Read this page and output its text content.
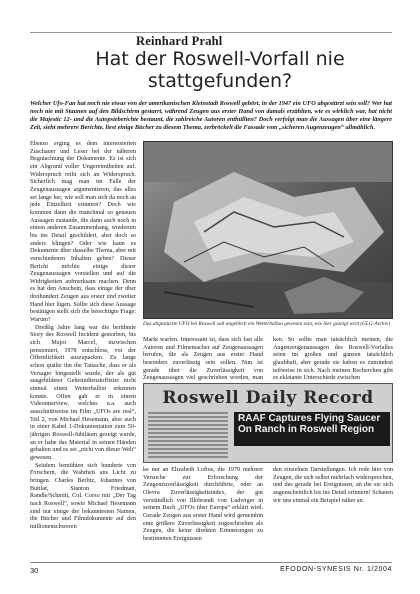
Reinhard Prahl
Hat der Roswell-Vorfall nie stattgefunden?

Welcher Ufo-Fan hat noch nie etwas von der amerikanischen Kleinstadt Roswell gehört, in der 1947 ein UFO abgestürzt sein soll? Wer hat noch nie mit Staunen auf den Bildschirm gestarrt, während Zeugen aus erster Hand von damals erzählten, wie es wirklich war, hat nicht die Majestic 12- und die Autopsieberichte bestaunt, die zahlreiche Autoren enthüllten? Doch verfolgt man die Aussagen über eine längere Zeit, sieht mehrere Berichte, liest einige Bücher zu diesem Thema, zerbröckelt die Fassade vom „sicheren Augenzeugen“ allmählich.

Ebenso erging es dem interessierten Zuschauer und Leser bei der näheren Begutachtung der Dokumente. Es ist sich ein Abgrund voller Ungereimtheiten auf. Widerspruch reiht sich an Widerspruch. Sicherlich mag man im Falle der Zeugenaussagen argumentieren, das alles sei lange her, wie soll man sich da noch an jede Einzelheit erinnern? Doch wie kommen dann die manchmal so genauen Aussagen zustande, die dann auch noch in einem anderen Zusammenhang, wiederum bis ins Detail geschildert, aber doch so anders klingen? Oder wie kann es Dokumente über dasselbe Thema, aber mit verschiedenen Inhalten geben? Dieser Bericht möchte einige dieser Zeugenaussagen vorstellen und auf die Widrigkeiten aufmerksam machen. Denn es hat den Anschein, dass einige der über dreihundert Zeugen aus erster und zweiter Hand hier lügen. Sollte sich diese Aussage bestätigen stellt sich die berechtigte Frage: Warum?

Dreißig Jahre lang war die berühmte Story des Roswell Incident gestorben, bis sich Major Marcel, inzwischen pensioniert, 1978 entschloss, vor der Öffentlichkeit auszupacken. Zu lange schon quälte ihn die Tatsache, dass er als Versager hingestellt wurde, der als gut ausgebildeter Geheimdienstoffizier nicht einmal einen Wetterballon erkennen konnte. Offen gab er in einem Videointerview, welches u.a. auch ausschnittweise im Film „UFOs are real“, Teil 2, von Michael Hesemann, aber auch in einer Kabel 1-Dokumentation zum 50-jährigen Roswell-Jubiläum gezeigt wurde, an er habe das Material in seinen Händen gehalten und es sei „nicht von dieser Welt“ gewesen.

Seitdem bemühten sich hunderte von Forschern, die Wahrheit ans Licht zu bringen. Charles Berlitz, Johannes von Buttlar, Stanton Friedman, Randle/Schmitt, Col. Corso mit „Der Tag nach Roswell“, sowie Michael Hesemann sind nur einige der bekanntesten Namen, die Bücher und Filmdokumente auf den millionenschweren

Das abgestürzte UFO bei Roswell soll angeblich ein Wetterballon gewesen sein, wie hier gezeigt wird (GLG-Archiv)

Markt warfen. Interessant ist, dass sich fast alle Autoren und Filmemacher auf Zeugenaussagen berufen, die als Zeugen aus erster Hand besonders zuverlässig sein sollen. Nun ist gerade über die Zuverlässigkeit von Zeugenaussagen viel geschrieben worden, man

ken. So sollte man tatsächlich meinen, die Augenzeugenaussagen des Roswell-Vorfalles seien im großen und ganzen tatsächlich glaubhaft, aber gerade sie haben es zumindest teilweise in sich. Nach meinen Recherchen gibt es eklatante Unterschiede zwischen

Roswell Daily Record
RAAF Captures Flying Saucer On Ranch in Roswell Region

ke nur an Elizabeth Loftus, die 1979 mehrere Versuche zur Erforschung der Zeugenzuverlässigkeit durchführte, oder an Olevra Zuverlässigkeitsindex, der gut verständlich von Illobrandt von Ludwiger in seinem Buch „UFOs über Europa“ erklärt wird. Gerade Zeugen aus erster Hand wird gemeinhin eine größere Zuverlässigkeit zugeschrieben als Zeugen, die keine direkten Erinnerungen zu bestimmten Ereignissen

den einzelnen Darstellungen. Ich rede hier von Zeugen, die sich selbst mehrfach widersprechen, und das gerade bei Ereignissen, an die sie sich augenscheinlich bis ins Detail erinnern! Schauen wir uns einmal ein Beispiel näher an.

30	EFODON-SYNESIS Nr. 1/2004
